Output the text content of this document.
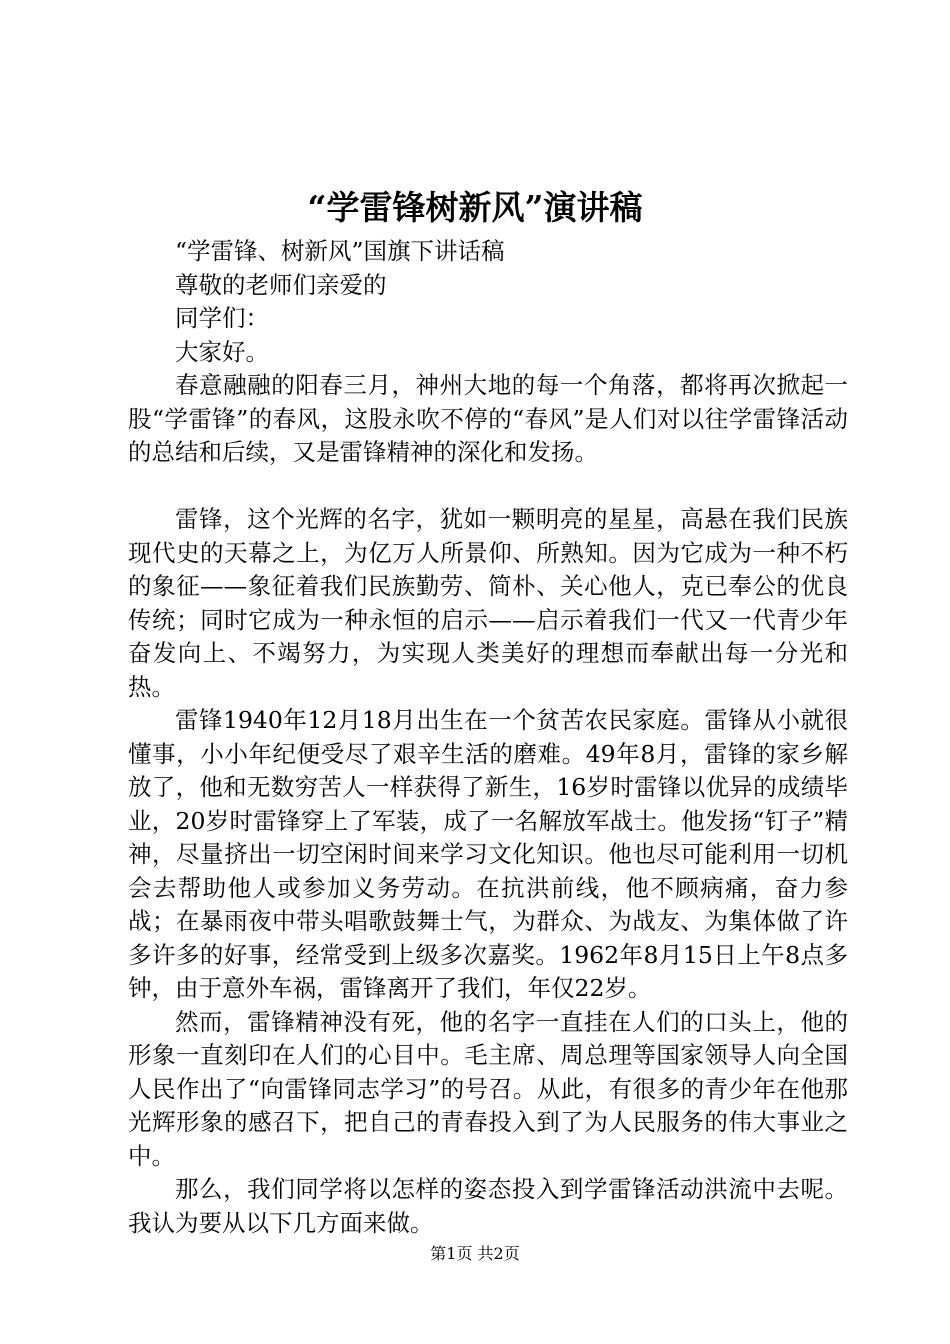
“学雷锋树新风”演讲稿

“学雷锋、树新风”国旗下讲话稿

尊敬的老师们亲爱的

同学们：

大家好。

春意融融的阳春三月，神州大地的每一个角落，都将再次掀起一股“学雷锋”的春风，这股永吹不停的“春风”是人们对以往学雷锋活动的总结和后续，又是雷锋精神的深化和发扬。

雷锋，这个光辉的名字，犹如一颗明亮的星星，高悬在我们民族现代史的天幕之上，为亿万人所景仰、所熟知。因为它成为一种不朽的象征——象征着我们民族勤劳、简朴、关心他人，克已奉公的优良传统；同时它成为一种永恒的启示——启示着我们一代又一代青少年奋发向上、不竭努力，为实现人类美好的理想而奉献出每一分光和热。

雷锋1940年12月18月出生在一个贫苦农民家庭。雷锋从小就很懂事，小小年纪便受尽了艰辛生活的磨难。49年8月，雷锋的家乡解放了，他和无数穷苦人一样获得了新生，16岁时雷锋以优异的成绩毕业，20岁时雷锋穿上了军装，成了一名解放军战士。他发扬“钉子”精神，尽量挤出一切空闲时间来学习文化知识。他也尽可能利用一切机会去帮助他人或参加义务劳动。在抗洪前线，他不顾病痛，奋力参战；在暴雨夜中带头唱歌鼓舞士气，为群众、为战友、为集体做了许多许多的好事，经常受到上级多次嘉奖。1962年8月15日上午8点多钟，由于意外车祸，雷锋离开了我们，年仅22岁。

然而，雷锋精神没有死，他的名字一直挂在人们的口头上，他的形象一直刻印在人们的心目中。毛主席、周总理等国家领导人向全国人民作出了“向雷锋同志学习”的号召。从此，有很多的青少年在他那光辉形象的感召下，把自己的青春投入到了为人民服务的伟大事业之中。

那么，我们同学将以怎样的姿态投入到学雷锋活动洪流中去呢。我认为要从以下几方面来做。

第1页 共2页
